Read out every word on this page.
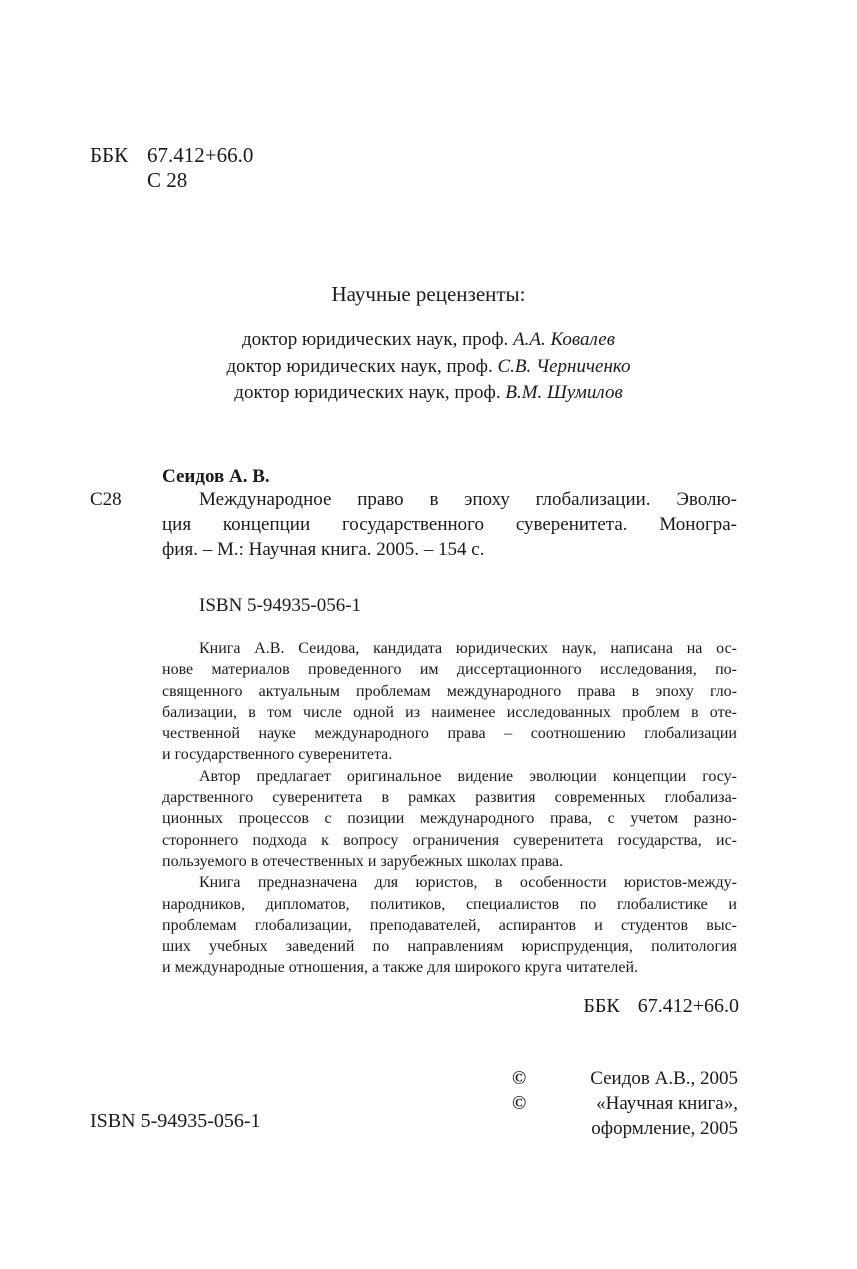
ББК 67.412+66.0
С 28
Научные рецензенты:
доктор юридических наук, проф. А.А. Ковалев
доктор юридических наук, проф. С.В. Черниченко
доктор юридических наук, проф. В.М. Шумилов
Сеидов А. В.
С28	Международное право в эпоху глобализации. Эволю-
ция концепции государственного суверенитета. Моногра-
фия. – М.: Научная книга. 2005. – 154 с.
ISBN 5-94935-056-1
Книга А.В. Сеидова, кандидата юридических наук, написана на ос-
нове материалов проведенного им диссертационного исследования, по-
священного актуальным проблемам международного права в эпоху гло-
бализации, в том числе одной из наименее исследованных проблем в оте-
чественной науке международного права – соотношению глобализации
и государственного суверенитета.
Автор предлагает оригинальное видение эволюции концепции госу-
дарственного суверенитета в рамках развития современных глобализа-
ционных процессов с позиции международного права, с учетом разно-
стороннего подхода к вопросу ограничения суверенитета государства, ис-
пользуемого в отечественных и зарубежных школах права.
Книга предназначена для юристов, в особенности юристов-между-
народников, дипломатов, политиков, специалистов по глобалистике и
проблемам глобализации, преподавателей, аспирантов и студентов выс-
ших учебных заведений по направлениям юриспруденция, политология
и международные отношения, а также для широкого круга читателей.
ББК 67.412+66.0
ISBN 5-94935-056-1
©	Сеидов А.В., 2005
©	«Научная книга»,
оформление, 2005
